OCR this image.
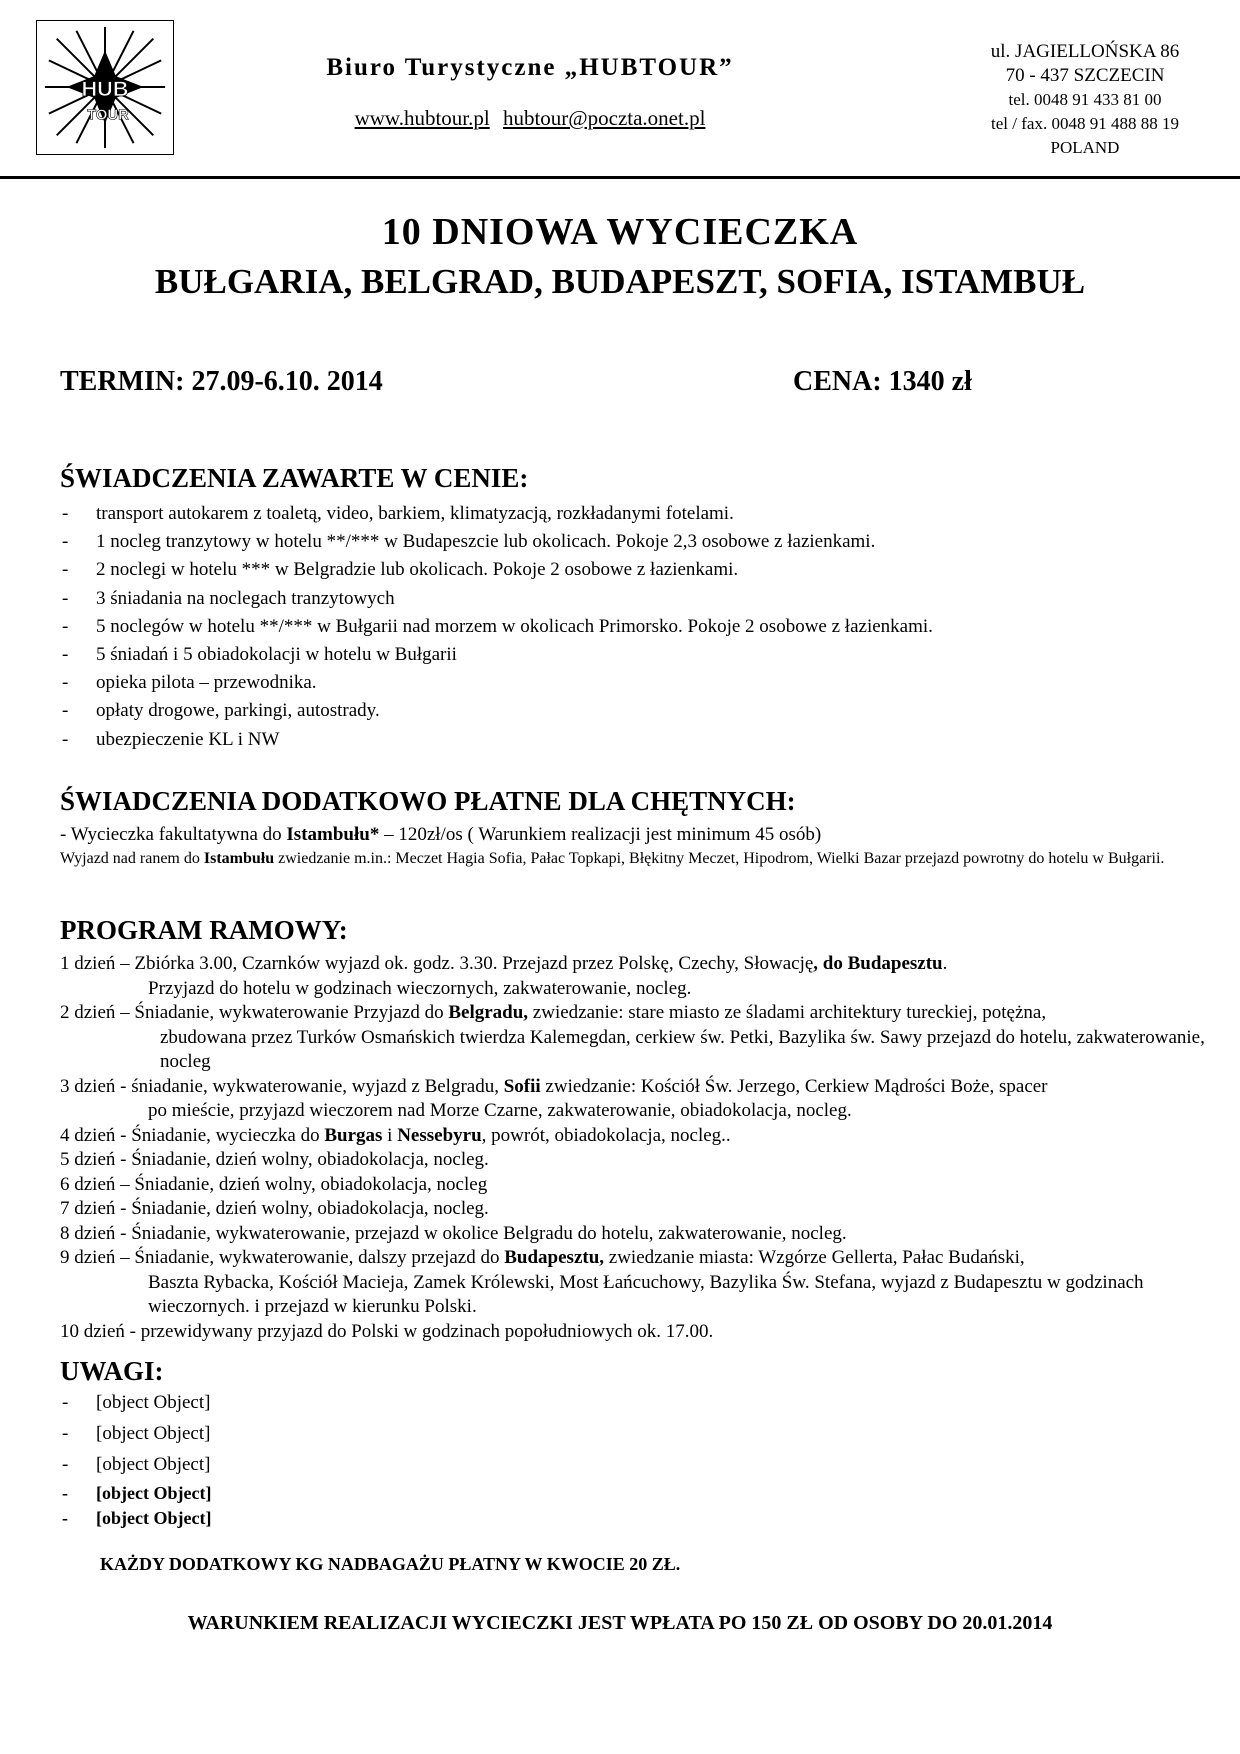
HUB
TOUR
Biuro Turystyczne „HUBTOUR”
www.hubtour.pl hubtour@poczta.onet.pl
ul. JAGIELLOŃSKA 86
70 - 437 SZCZECIN
tel. 0048 91 433 81 00
tel / fax. 0048 91 488 88 19
POLAND
10 DNIOWA WYCIECZKA
BUŁGARIA, BELGRAD, BUDAPESZT, SOFIA, ISTAMBUŁ
TERMIN: 27.09-6.10. 2014	CENA: 1340 zł
ŚWIADCZENIA ZAWARTE W CENIE:
- transport autokarem z toaletą, video, barkiem, klimatyzacją, rozkładanymi fotelami.
- 1 nocleg tranzytowy w hotelu **/*** w Budapeszcie lub okolicach. Pokoje 2,3 osobowe z łazienkami.
- 2 noclegi w hotelu *** w Belgradzie lub okolicach. Pokoje 2 osobowe z łazienkami.
- 3 śniadania na noclegach tranzytowych
- 5 noclegów w hotelu **/*** w Bułgarii nad morzem w okolicach Primorsko. Pokoje 2 osobowe z łazienkami.
- 5 śniadań i 5 obiadokolacji w hotelu w Bułgarii
- opieka pilota – przewodnika.
- opłaty drogowe, parkingi, autostrady.
- ubezpieczenie KL i NW
ŚWIADCZENIA DODATKOWO PŁATNE DLA CHĘTNYCH:
- Wycieczka fakultatywna do Istambułu* – 120zł/os ( Warunkiem realizacji jest minimum 45 osób)
Wyjazd nad ranem do Istambułu zwiedzanie m.in.: Meczet Hagia Sofia, Pałac Topkapi, Błękitny Meczet, Hipodrom, Wielki Bazar przejazd powrotny do hotelu w Bułgarii.
PROGRAM RAMOWY:
1 dzień – Zbiórka 3.00, Czarnków wyjazd ok. godz. 3.30. Przejazd przez Polskę, Czechy, Słowację, do Budapesztu.
Przyjazd do hotelu w godzinach wieczornych, zakwaterowanie, nocleg.
2 dzień – Śniadanie, wykwaterowanie Przyjazd do Belgradu, zwiedzanie: stare miasto ze śladami architektury tureckiej, potężna,
zbudowana przez Turków Osmańskich twierdza Kalemegdan, cerkiew św. Petki, Bazylika św. Sawy przejazd do hotelu, zakwaterowanie, nocleg
3 dzień - śniadanie, wykwaterowanie, wyjazd z Belgradu, Sofii zwiedzanie: Kościół Św. Jerzego, Cerkiew Mądrości Boże, spacer
po mieście, przyjazd wieczorem nad Morze Czarne, zakwaterowanie, obiadokolacja, nocleg.
4 dzień - Śniadanie, wycieczka do Burgas i Nessebyru, powrót, obiadokolacja, nocleg..
5 dzień - Śniadanie, dzień wolny, obiadokolacja, nocleg.
6 dzień – Śniadanie, dzień wolny, obiadokolacja, nocleg
7 dzień - Śniadanie, dzień wolny, obiadokolacja, nocleg.
8 dzień - Śniadanie, wykwaterowanie, przejazd w okolice Belgradu do hotelu, zakwaterowanie, nocleg.
9 dzień – Śniadanie, wykwaterowanie, dalszy przejazd do Budapesztu, zwiedzanie miasta: Wzgórze Gellerta, Pałac Budański,
Baszta Rybacka, Kościół Macieja, Zamek Królewski, Most Łańcuchowy, Bazylika Św. Stefana, wyjazd z Budapesztu w godzinach wieczornych. i przejazd w kierunku Polski.
10 dzień - przewidywany przyjazd do Polski w godzinach popołudniowych ok. 17.00.
UWAGI:
- [object Object]
- [object Object]
- [object Object]
- [object Object]
- [object Object]
KAŻDY DODATKOWY KG NADBAGAŻU PŁATNY W KWOCIE 20 ZŁ.
WARUNKIEM REALIZACJI WYCIECZKI JEST WPŁATA PO 150 ZŁ OD OSOBY DO 20.01.2014
